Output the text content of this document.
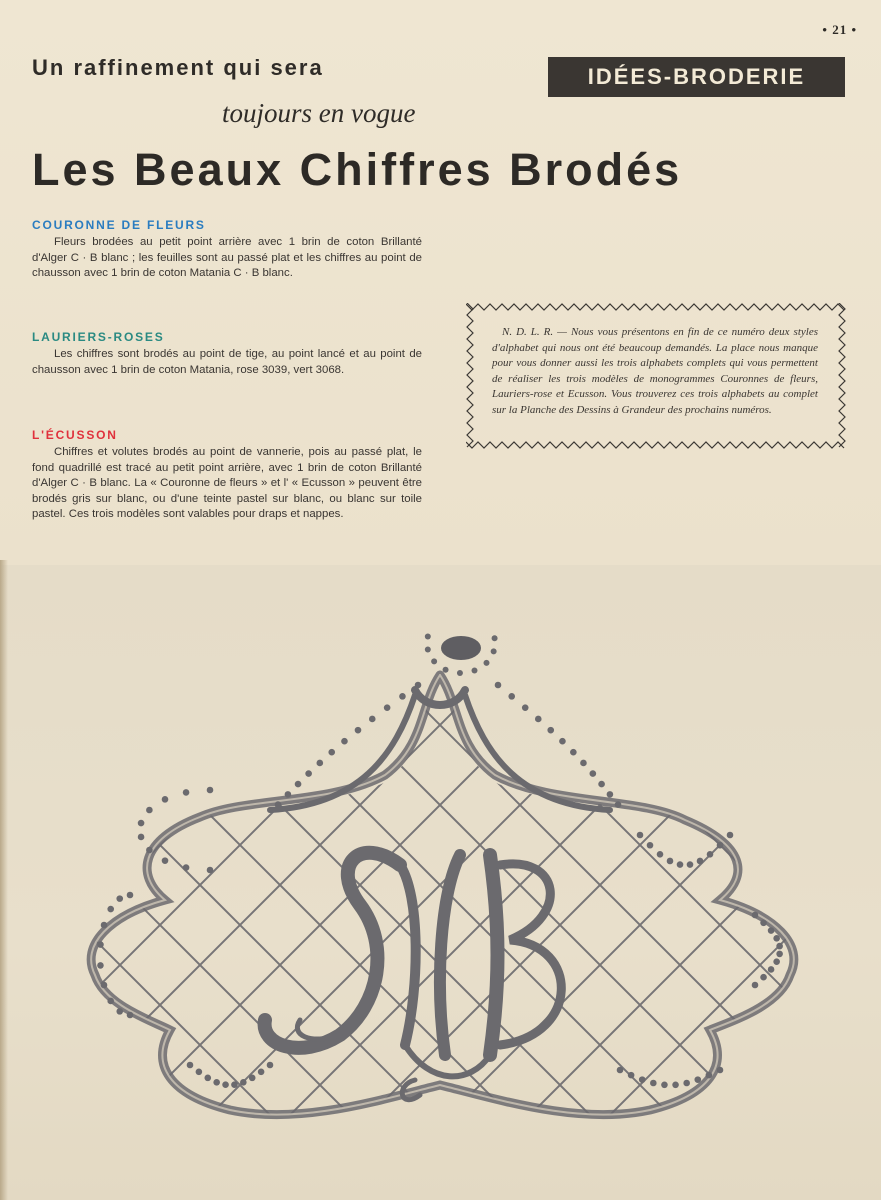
• 21 •
Un raffinement qui sera
toujours en vogue
IDÉES-BRODERIE
Les Beaux Chiffres Brodés
COURONNE DE FLEURS
Fleurs brodées au petit point arrière avec 1 brin de coton Brillanté d'Alger C · B blanc ; les feuilles sont au passé plat et les chiffres au point de chausson avec 1 brin de coton Matania C · B blanc.
LAURIERS-ROSES
Les chiffres sont brodés au point de tige, au point lancé et au point de chausson avec 1 brin de coton Matania, rose 3039, vert 3068.
L'ÉCUSSON
Chiffres et volutes brodés au point de vannerie, pois au passé plat, le fond quadrillé est tracé au petit point arrière, avec 1 brin de coton Brillanté d'Alger C · B blanc. La « Couronne de fleurs » et l' « Ecusson » peuvent être brodés gris sur blanc, ou d'une teinte pastel sur blanc, ou blanc sur toile pastel. Ces trois modèles sont valables pour draps et nappes.
N. D. L. R. — Nous vous présentons en fin de ce numéro deux styles d'alphabet qui nous ont été beaucoup demandés. La place nous manque pour vous donner aussi les trois alphabets complets qui vous permettent de réaliser les trois modèles de monogrammes Couronnes de fleurs, Lauriers-rose et Ecusson. Vous trouverez ces trois alphabets au complet sur la Planche des Dessins à Grandeur des prochains numéros.
